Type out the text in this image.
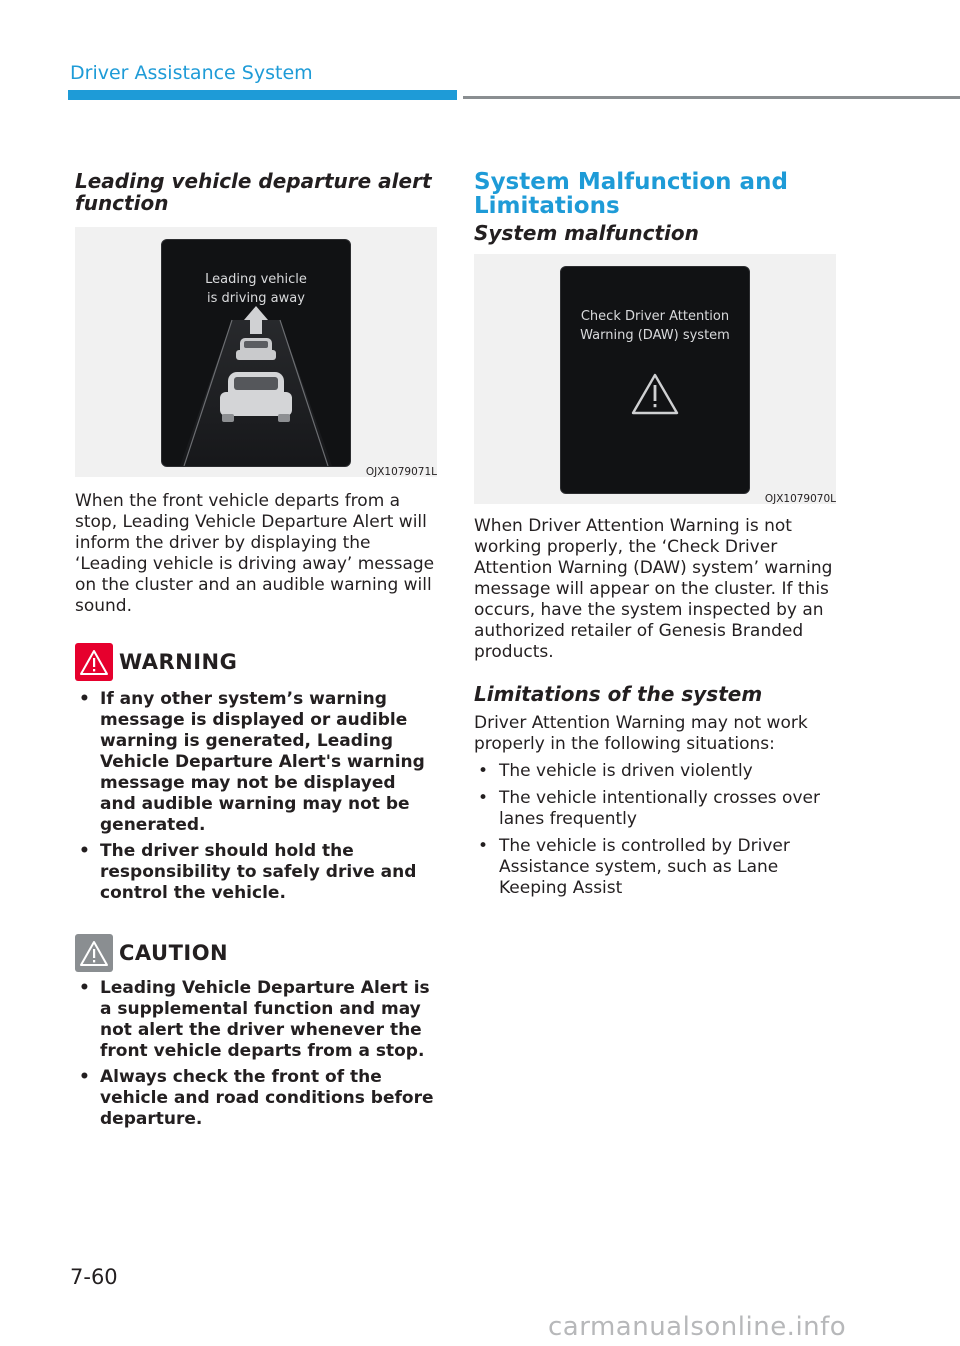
Driver Assistance System
Leading vehicle departure alert function
Leading vehicle
is driving away
OJX1079071L

When the front vehicle departs from a stop, Leading Vehicle Departure Alert will inform the driver by displaying the ‘Leading vehicle is driving away’ message on the cluster and an audible warning will sound.

WARNING
• If any other system’s warning message is displayed or audible warning is generated, Leading Vehicle Departure Alert's warning message may not be displayed and audible warning may not be generated.
• The driver should hold the responsibility to safely drive and control the vehicle.
CAUTION
• Leading Vehicle Departure Alert is a supplemental function and may not alert the driver whenever the front vehicle departs from a stop.
• Always check the front of the vehicle and road conditions before departure.
System Malfunction and Limitations
System malfunction
Check Driver Attention
Warning (DAW) system
OJX1079070L

When Driver Attention Warning is not working properly, the ‘Check Driver Attention Warning (DAW) system’ warning message will appear on the cluster. If this occurs, have the system inspected by an authorized retailer of Genesis Branded products.

Limitations of the system

Driver Attention Warning may not work properly in the following situations:

• The vehicle is driven violently
• The vehicle intentionally crosses over lanes frequently
• The vehicle is controlled by Driver Assistance system, such as Lane Keeping Assist
7-60
carmanualsonline.info
